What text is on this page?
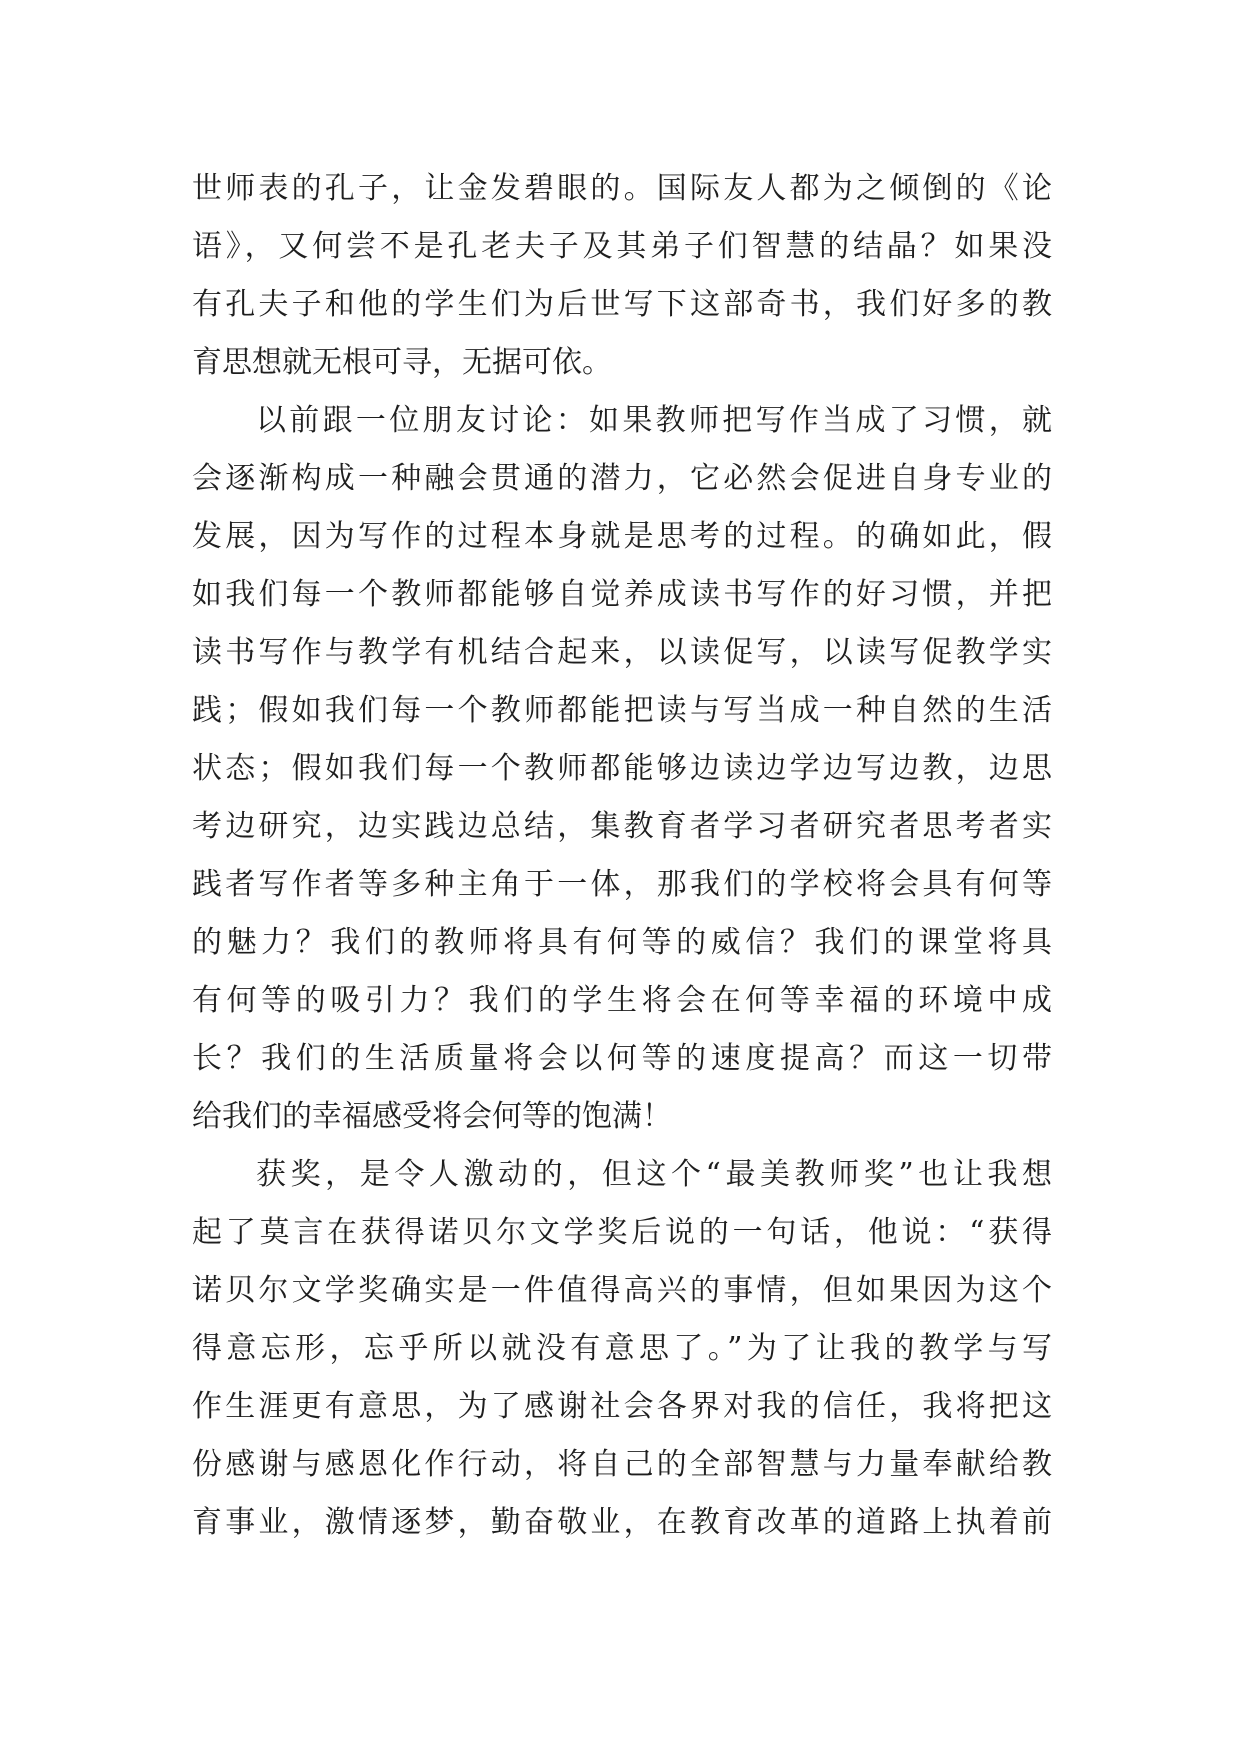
世师表的孔子，让金发碧眼的。国际友人都为之倾倒的《论
语》，又何尝不是孔老夫子及其弟子们智慧的结晶？如果没
有孔夫子和他的学生们为后世写下这部奇书，我们好多的教
育思想就无根可寻，无据可依。
以前跟一位朋友讨论：如果教师把写作当成了习惯，就
会逐渐构成一种融会贯通的潜力，它必然会促进自身专业的
发展，因为写作的过程本身就是思考的过程。的确如此，假
如我们每一个教师都能够自觉养成读书写作的好习惯，并把
读书写作与教学有机结合起来，以读促写，以读写促教学实
践；假如我们每一个教师都能把读与写当成一种自然的生活
状态；假如我们每一个教师都能够边读边学边写边教，边思
考边研究，边实践边总结，集教育者学习者研究者思考者实
践者写作者等多种主角于一体，那我们的学校将会具有何等
的魅力？我们的教师将具有何等的威信？我们的课堂将具
有何等的吸引力？我们的学生将会在何等幸福的环境中成
长？我们的生活质量将会以何等的速度提高？而这一切带
给我们的幸福感受将会何等的饱满！
获奖，是令人激动的，但这个“最美教师奖”也让我想
起了莫言在获得诺贝尔文学奖后说的一句话，他说：“获得
诺贝尔文学奖确实是一件值得高兴的事情，但如果因为这个
得意忘形，忘乎所以就没有意思了。”为了让我的教学与写
作生涯更有意思，为了感谢社会各界对我的信任，我将把这
份感谢与感恩化作行动，将自己的全部智慧与力量奉献给教
育事业，激情逐梦，勤奋敬业，在教育改革的道路上执着前
